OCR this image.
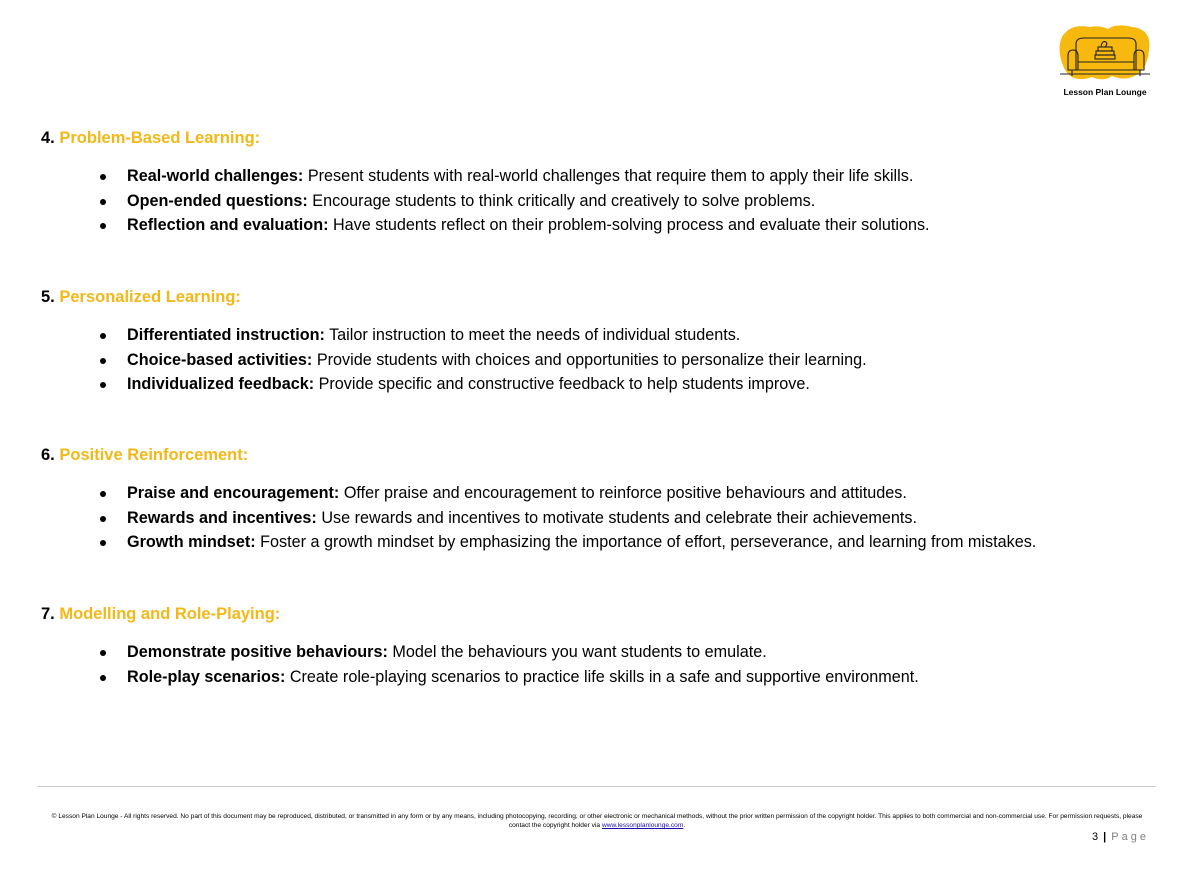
Lesson Plan Lounge
4. Problem-Based Learning:
Real-world challenges: Present students with real-world challenges that require them to apply their life skills.
Open-ended questions: Encourage students to think critically and creatively to solve problems.
Reflection and evaluation: Have students reflect on their problem-solving process and evaluate their solutions.
5. Personalized Learning:
Differentiated instruction: Tailor instruction to meet the needs of individual students.
Choice-based activities: Provide students with choices and opportunities to personalize their learning.
Individualized feedback: Provide specific and constructive feedback to help students improve.
6. Positive Reinforcement:
Praise and encouragement: Offer praise and encouragement to reinforce positive behaviours and attitudes.
Rewards and incentives: Use rewards and incentives to motivate students and celebrate their achievements.
Growth mindset: Foster a growth mindset by emphasizing the importance of effort, perseverance, and learning from mistakes.
7. Modelling and Role-Playing:
Demonstrate positive behaviours: Model the behaviours you want students to emulate.
Role-play scenarios: Create role-playing scenarios to practice life skills in a safe and supportive environment.
© Lesson Plan Lounge - All rights reserved. No part of this document may be reproduced, distributed, or transmitted in any form or by any means, including photocopying, recording, or other electronic or mechanical methods, without the prior written permission of the copyright holder. This applies to both commercial and non-commercial use. For permission requests, please contact the copyright holder via www.lessonplanlounge.com.
3 | Page
